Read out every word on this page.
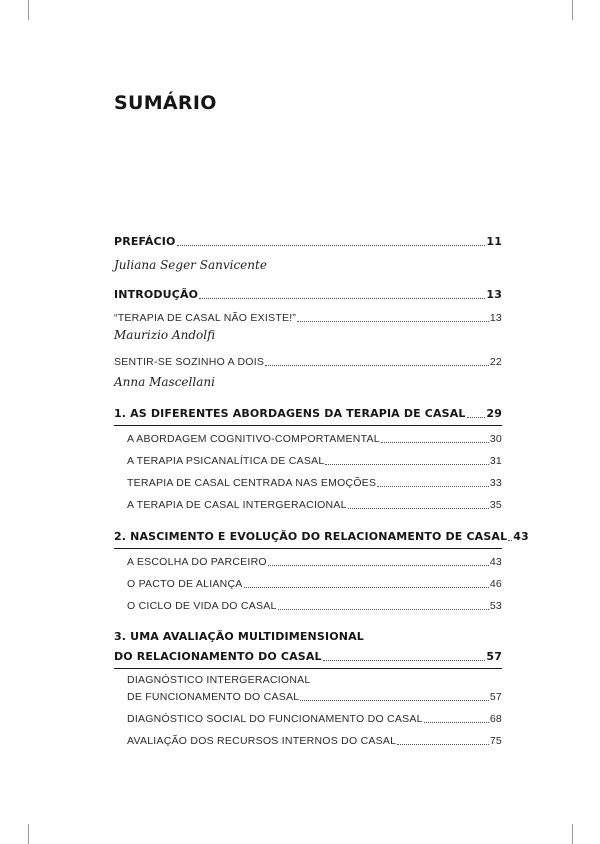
SUMÁRIO
PREFÁCIO	11
Juliana Seger Sanvicente
INTRODUÇÃO	13
“TERAPIA DE CASAL NÃO EXISTE!”	13
Maurizio Andolfi
SENTIR-SE SOZINHO A DOIS	22
Anna Mascellani
1. AS DIFERENTES ABORDAGENS DA TERAPIA DE CASAL 29
A ABORDAGEM COGNITIVO-COMPORTAMENTAL	30
A TERAPIA PSICANALÍTICA DE CASAL	31
TERAPIA DE CASAL CENTRADA NAS EMOÇÕES	33
A TERAPIA DE CASAL INTERGERACIONAL	35
2. NASCIMENTO E EVOLUÇÃO DO RELACIONAMENTO DE CASAL 43
A ESCOLHA DO PARCEIRO	43
O PACTO DE ALIANÇA	46
O CICLO DE VIDA DO CASAL	53
3. UMA AVALIAÇÃO MULTIDIMENSIONAL
DO RELACIONAMENTO DO CASAL	57
DIAGNÓSTICO INTERGERACIONAL
DE FUNCIONAMENTO DO CASAL	57
DIAGNÓSTICO SOCIAL DO FUNCIONAMENTO DO CASAL	68
AVALIAÇÃO DOS RECURSOS INTERNOS DO CASAL	75
